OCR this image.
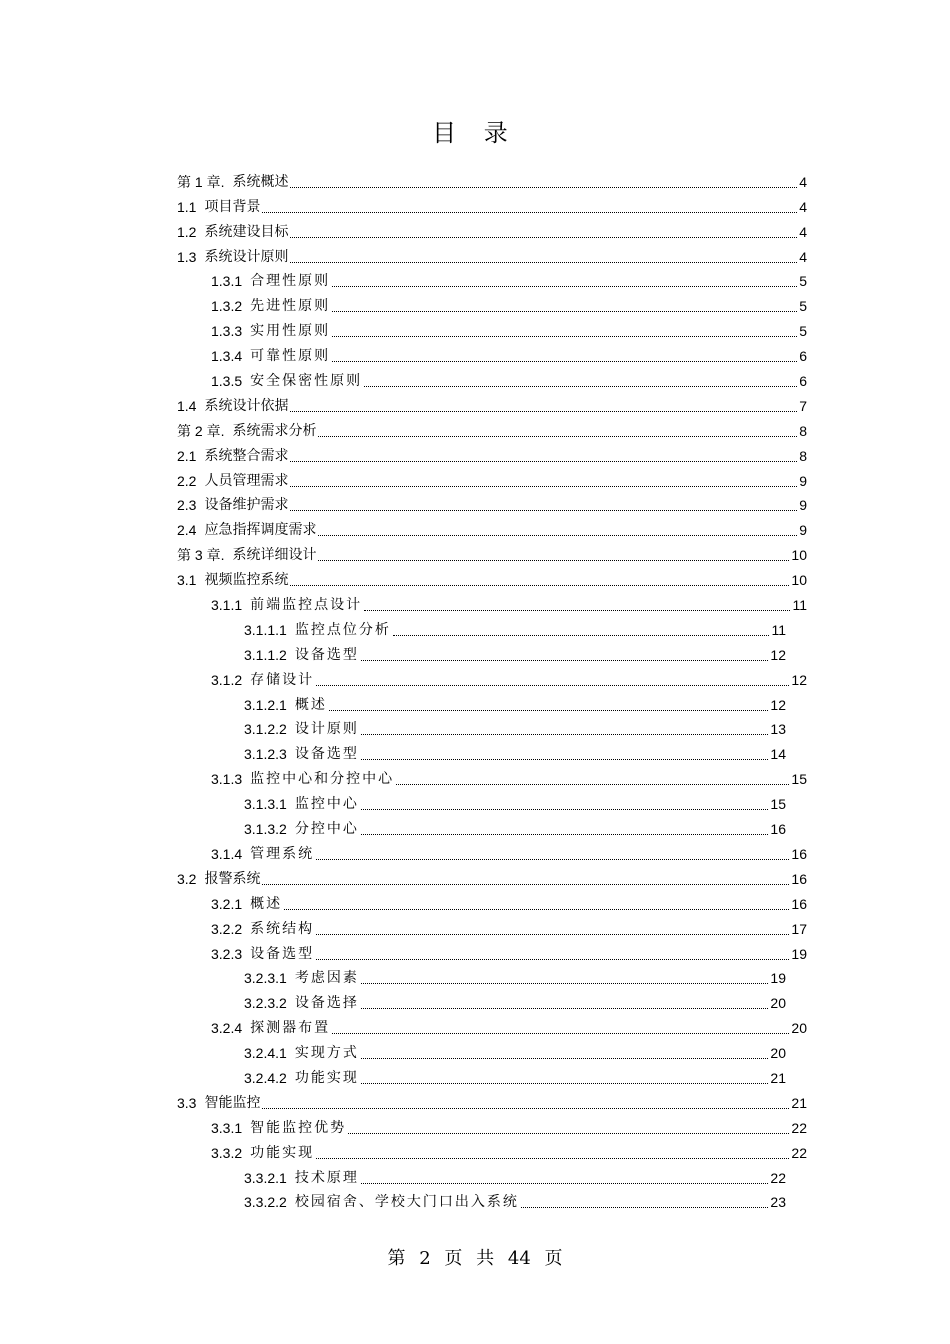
目 录
第 1 章. 系统概述	4
1.1 项目背景	4
1.2 系统建设目标	4
1.3 系统设计原则	4
1.3.1 合理性原则	5
1.3.2 先进性原则	5
1.3.3 实用性原则	5
1.3.4 可靠性原则	6
1.3.5 安全保密性原则	6
1.4 系统设计依据	7
第 2 章. 系统需求分析	8
2.1 系统整合需求	8
2.2 人员管理需求	9
2.3 设备维护需求	9
2.4 应急指挥调度需求	9
第 3 章. 系统详细设计	10
3.1 视频监控系统	10
3.1.1 前端监控点设计	11
3.1.1.1 监控点位分析	11
3.1.1.2 设备选型	12
3.1.2 存储设计	12
3.1.2.1 概述	12
3.1.2.2 设计原则	13
3.1.2.3 设备选型	14
3.1.3 监控中心和分控中心	15
3.1.3.1 监控中心	15
3.1.3.2 分控中心	16
3.1.4 管理系统	16
3.2 报警系统	16
3.2.1 概述	16
3.2.2 系统结构	17
3.2.3 设备选型	19
3.2.3.1 考虑因素	19
3.2.3.2 设备选择	20
3.2.4 探测器布置	20
3.2.4.1 实现方式	20
3.2.4.2 功能实现	21
3.3 智能监控	21
3.3.1 智能监控优势	22
3.3.2 功能实现	22
3.3.2.1 技术原理	22
3.3.2.2 校园宿舍、学校大门口出入系统	23
第 2 页 共 44 页
